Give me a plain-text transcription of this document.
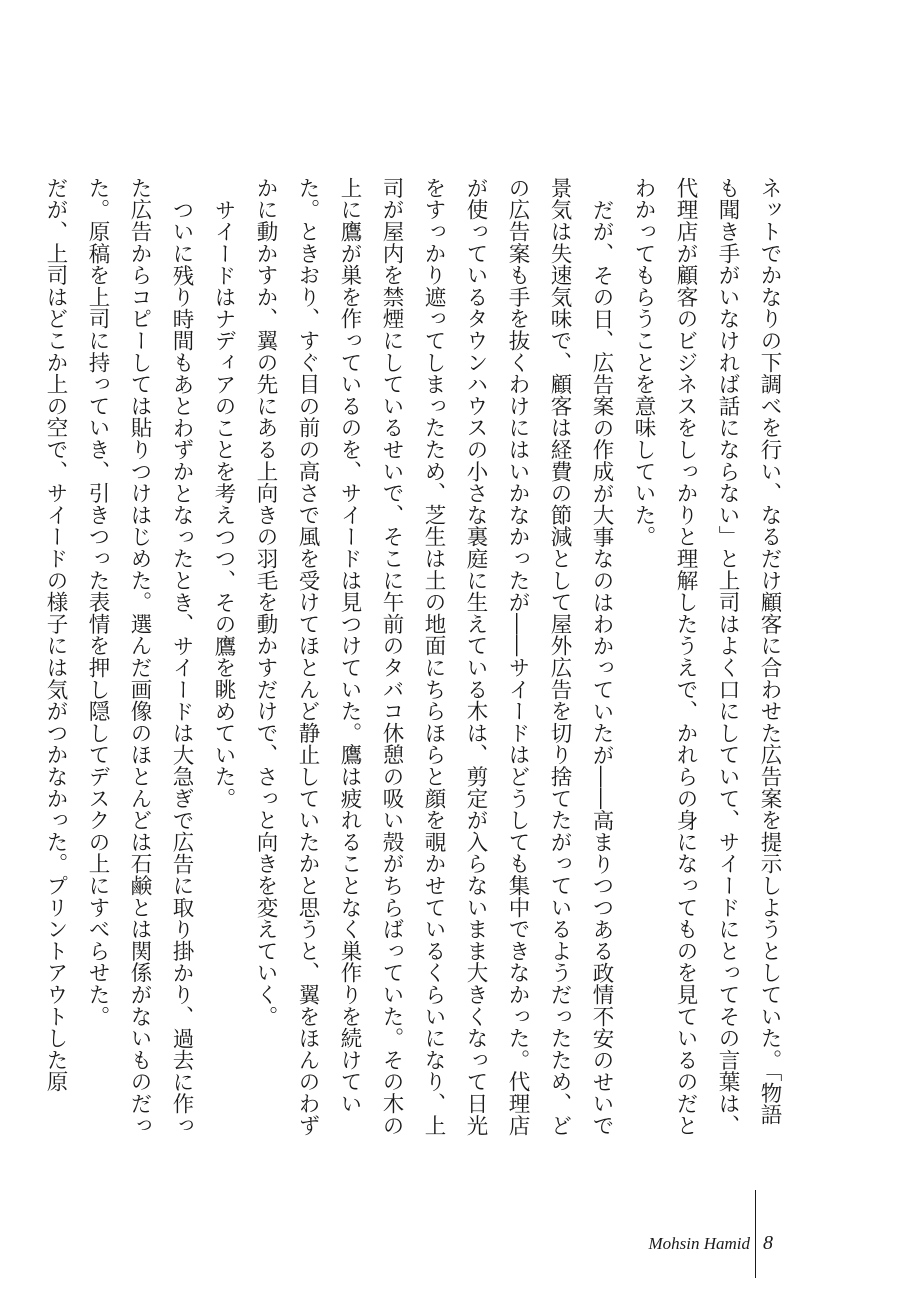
ネットでかなりの下調べを行い、なるだけ顧客に合わせた広告案を提示しようとしていた。「物語も聞き手がいなければ話にならない」と上司はよく口にしていて、サイードにとってその言葉は、代理店が顧客のビジネスをしっかりと理解したうえで、かれらの身になってものを見ているのだとわかってもらうことを意味していた。

だが、その日、広告案の作成が大事なのはわかっていたが――高まりつつある政情不安のせいで景気は失速気味で、顧客は経費の節減として屋外広告を切り捨てたがっているようだったため、どの広告案も手を抜くわけにはいかなかったが――サイードはどうしても集中できなかった。代理店が使っているタウンハウスの小さな裏庭に生えている木は、剪定が入らないまま大きくなって日光をすっかり遮ってしまったため、芝生は土の地面にちらほらと顔を覗かせているくらいになり、上司が屋内を禁煙にしているせいで、そこに午前のタバコ休憩の吸い殻がちらばっていた。その木の上に鷹が巣を作っているのを、サイードは見つけていた。鷹は疲れることなく巣作りを続けていた。ときおり、すぐ目の前の高さで風を受けてほとんど静止していたかと思うと、翼をほんのわずかに動かすか、翼の先にある上向きの羽毛を動かすだけで、さっと向きを変えていく。

サイードはナディアのことを考えつつ、その鷹を眺めていた。

ついに残り時間もあとわずかとなったとき、サイードは大急ぎで広告に取り掛かり、過去に作った広告からコピーしては貼りつけはじめた。選んだ画像のほとんどは石鹸とは関係がないものだった。原稿を上司に持っていき、引きつった表情を押し隠してデスクの上にすべらせた。

だが、上司はどこか上の空で、サイードの様子には気がつかなかった。プリントアウトした原

Mohsin Hamid 8
